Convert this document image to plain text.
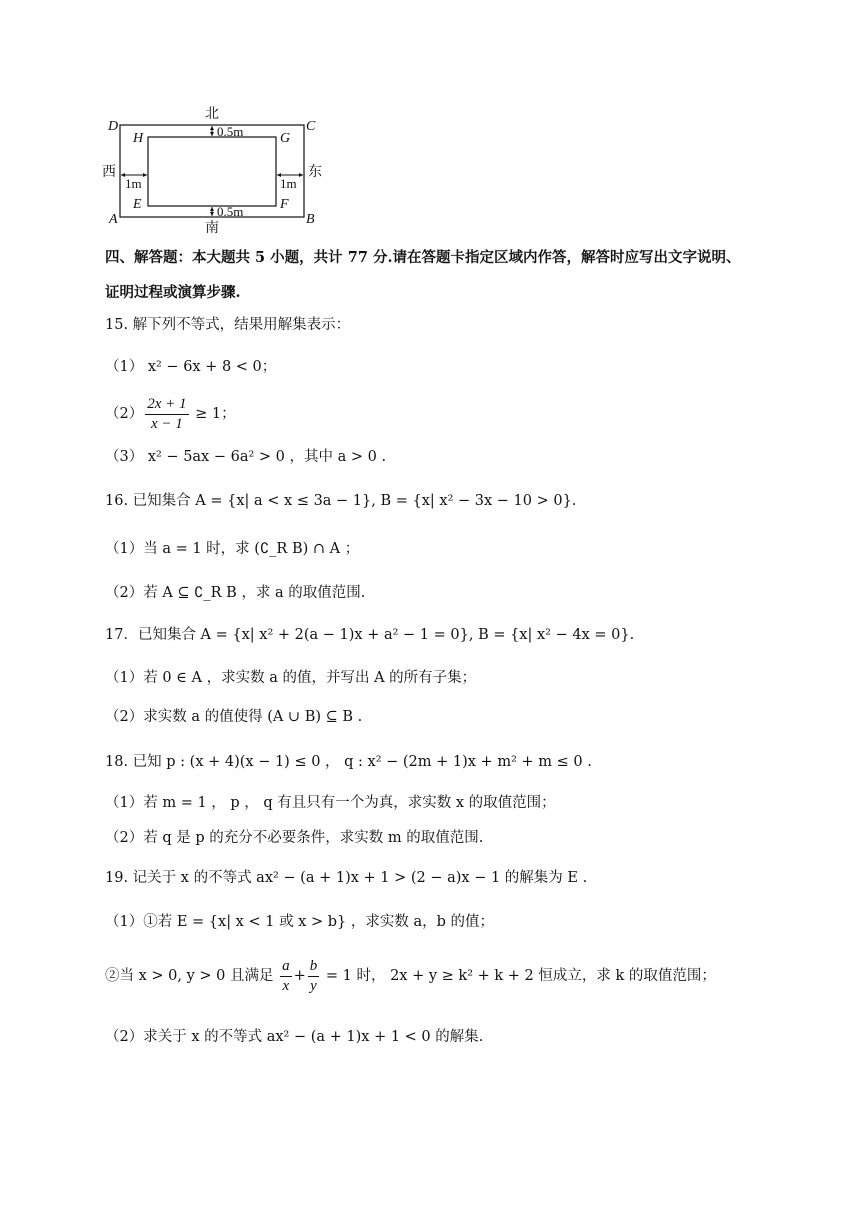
北
南
西	东
D	C
A	B
H	G
E	F
0.5m
0.5m
1m	1m
四、解答题：本大题共 5 小题，共计 77 分.请在答题卡指定区域内作答，解答时应写出文字说明、
证明过程或演算步骤.
15. 解下列不等式，结果用解集表示：
（1） x² − 6x + 8 < 0；
$(2) \frac{2x + 1}{x - 1} \ge 1$；
（3） x² − 5ax − 6a² > 0 ，其中 a > 0 .
16. 已知集合 A = {x| a < x ≤ 3a − 1}, B = {x| x² − 3x − 10 > 0}.
（1）当 a = 1 时，求 (∁_R B) ∩ A ；
（2）若 A ⊆ ∁_R B ，求 a 的取值范围.
17．已知集合 A = {x| x² + 2(a − 1)x + a² − 1 = 0}, B = {x| x² − 4x = 0}.
（1）若 0 ∈ A ，求实数 a 的值，并写出 A 的所有子集；
（2）求实数 a 的值使得 (A ∪ B) ⊆ B .
18. 已知 p : (x + 4)(x − 1) ≤ 0 ， q : x² − (2m + 1)x + m² + m ≤ 0 .
（1）若 m = 1 ， p ， q 有且只有一个为真，求实数 x 的取值范围；
（2）若 q 是 p 的充分不必要条件，求实数 m 的取值范围.
19. 记关于 x 的不等式 ax² − (a + 1)x + 1 > (2 − a)x − 1 的解集为 E .
（1）①若 E = {x| x < 1 或 x > b} ，求实数 a，b 的值；
②当 x > 0, y > 0 且满足 $\frac{a}{x} + \frac{b}{y} = 1$ 时， 2x + y ≥ k² + k + 2 恒成立，求 k 的取值范围；
（2）求关于 x 的不等式 ax² − (a + 1)x + 1 < 0 的解集.
